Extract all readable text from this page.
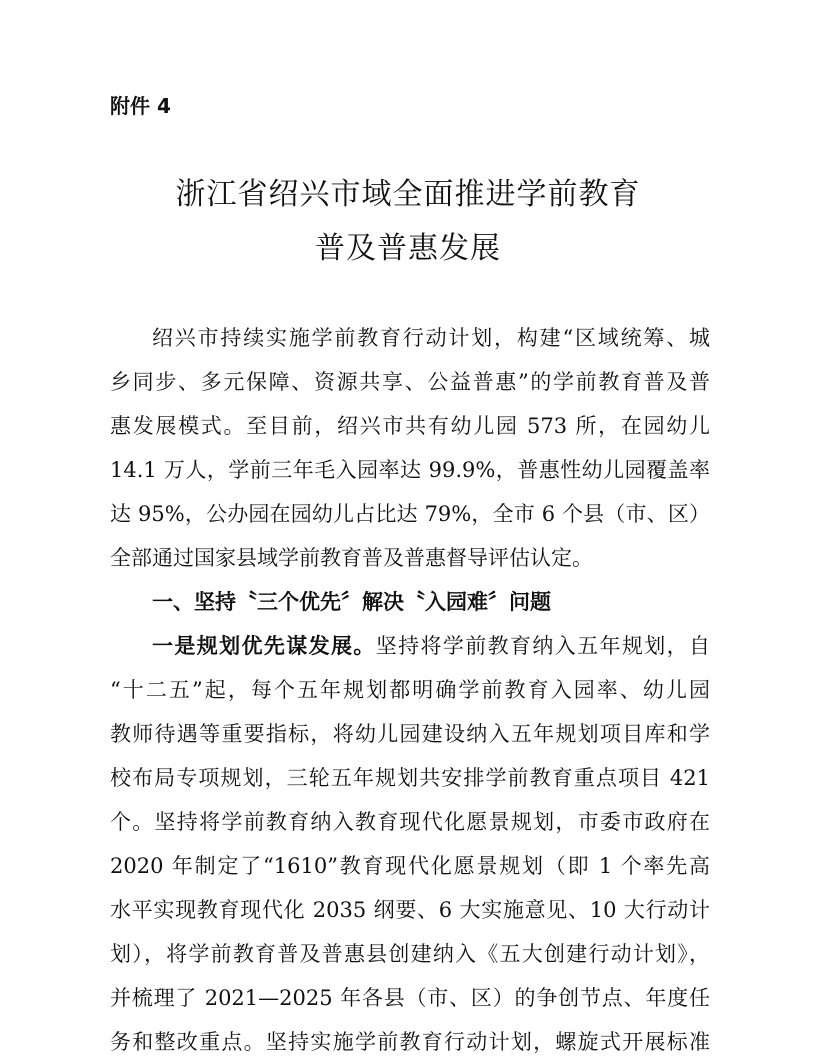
附件 4
浙江省绍兴市域全面推进学前教育
普及普惠发展
绍兴市持续实施学前教育行动计划，构建“区域统筹、城
乡同步、多元保障、资源共享、公益普惠”的学前教育普及普
惠发展模式。至目前，绍兴市共有幼儿园 573 所，在园幼儿
14.1 万人，学前三年毛入园率达 99.9%，普惠性幼儿园覆盖率
达 95%，公办园在园幼儿占比达 79%，全市 6 个县（市、区）
全部通过国家县域学前教育普及普惠督导评估认定。
一、坚持〝三个优先〞解决〝入园难〞问题
一是规划优先谋发展。坚持将学前教育纳入五年规划，自
“十二五”起，每个五年规划都明确学前教育入园率、幼儿园
教师待遇等重要指标，将幼儿园建设纳入五年规划项目库和学
校布局专项规划，三轮五年规划共安排学前教育重点项目 421
个。坚持将学前教育纳入教育现代化愿景规划，市委市政府在
2020 年制定了“1610”教育现代化愿景规划（即 1 个率先高
水平实现教育现代化 2035 纲要、6 大实施意见、10 大行动计
划），将学前教育普及普惠县创建纳入《五大创建行动计划》，
并梳理了 2021—2025 年各县（市、区）的争创节点、年度任
务和整改重点。坚持实施学前教育行动计划，螺旋式开展标准
